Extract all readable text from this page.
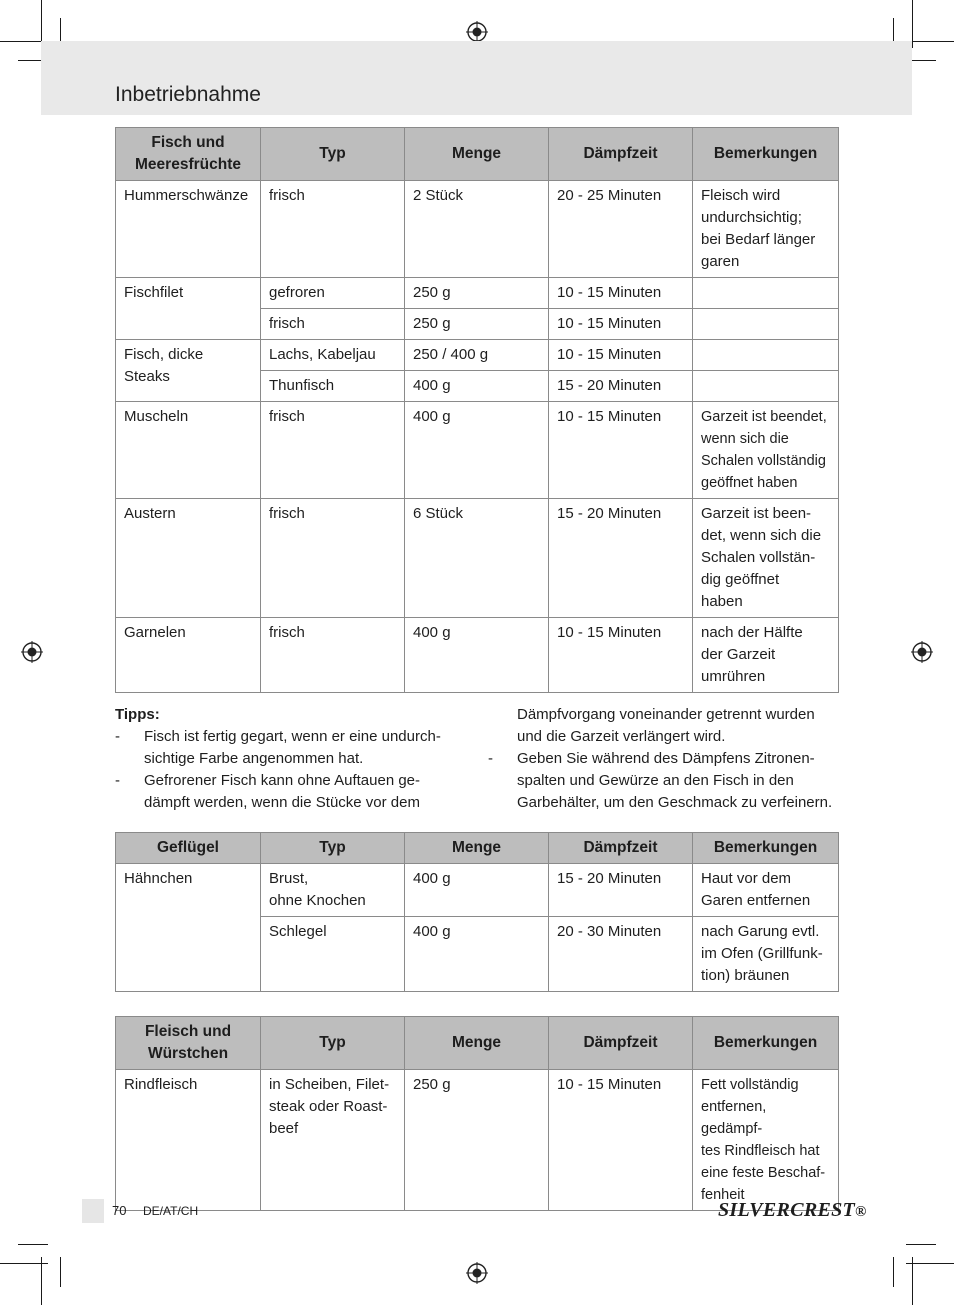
Inbetriebnahme
Fisch und Meeresfrüchte	Typ	Menge	Dämpfzeit	Bemerkungen
Hummerschwänze	frisch	2 Stück	20 - 25 Minuten	Fleisch wird
undurchsichtig;
bei Bedarf länger
garen
Fischfilet	gefroren	250 g	10 - 15 Minuten	
	frisch	250 g	10 - 15 Minuten	
Fisch, dicke Steaks	Lachs, Kabeljau	250 / 400 g	10 - 15 Minuten	
	Thunfisch	400 g	15 - 20 Minuten	
Muscheln	frisch	400 g	10 - 15 Minuten	Garzeit ist beendet,
wenn sich die
Schalen vollständig
geöffnet haben
Austern	frisch	6 Stück	15 - 20 Minuten	Garzeit ist been-
det, wenn sich die
Schalen vollstän-
dig geöffnet
haben
Garnelen	frisch	400 g	10 - 15 Minuten	nach der Hälfte
der Garzeit
umrühren
Tipps:
- Fisch ist fertig gegart, wenn er eine undurch-
sichtige Farbe angenommen hat.
- Gefrorener Fisch kann ohne Auftauen ge-
dämpft werden, wenn die Stücke vor dem
Dämpfvorgang voneinander getrennt wurden
und die Garzeit verlängert wird.
- Geben Sie während des Dämpfens Zitronen-
spalten und Gewürze an den Fisch in den
Garbehälter, um den Geschmack zu verfeinern.
Geflügel	Typ	Menge	Dämpfzeit	Bemerkungen
Hähnchen	Brust,
ohne Knochen	400 g	15 - 20 Minuten	Haut vor dem
Garen entfernen
	Schlegel	400 g	20 - 30 Minuten	nach Garung evtl.
im Ofen (Grillfunk-
tion) bräunen
Fleisch und Würstchen	Typ	Menge	Dämpfzeit	Bemerkungen
Rindfleisch	in Scheiben, Filet-
steak oder Roast-
beef	250 g	10 - 15 Minuten	Fett vollständig
entfernen, gedämpf-
tes Rindfleisch hat
eine feste Beschaf-
fenheit
70 DE/AT/CH	SILVERCREST®
